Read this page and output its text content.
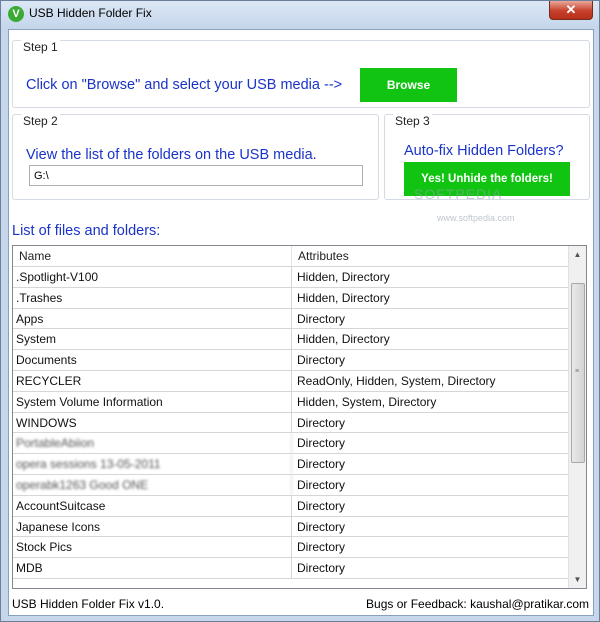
V USB Hidden Folder Fix	✕
Step 1
Click on "Browse" and select your USB media -->	Browse
Step 2
View the list of the folders on the USB media.
G:\
Step 3
Auto-fix Hidden Folders?
Yes! Unhide the folders!
SOFTPEDIA
www.softpedia.com
List of files and folders:
Name	Attributes
.Spotlight-V100	Hidden, Directory
.Trashes	Hidden, Directory
Apps	Directory
System	Hidden, Directory
Documents	Directory
RECYCLER	ReadOnly, Hidden, System, Directory
System Volume Information	Hidden, System, Directory
WINDOWS	Directory
PortableAbiion	Directory
opera sessions 13-05-2011	Directory
operabk1263 Good ONE	Directory
AccountSuitcase	Directory
Japanese Icons	Directory
Stock Pics	Directory
MDB	Directory
▲
≡
▼
USB Hidden Folder Fix v1.0.	Bugs or Feedback: kaushal@pratikar.com
